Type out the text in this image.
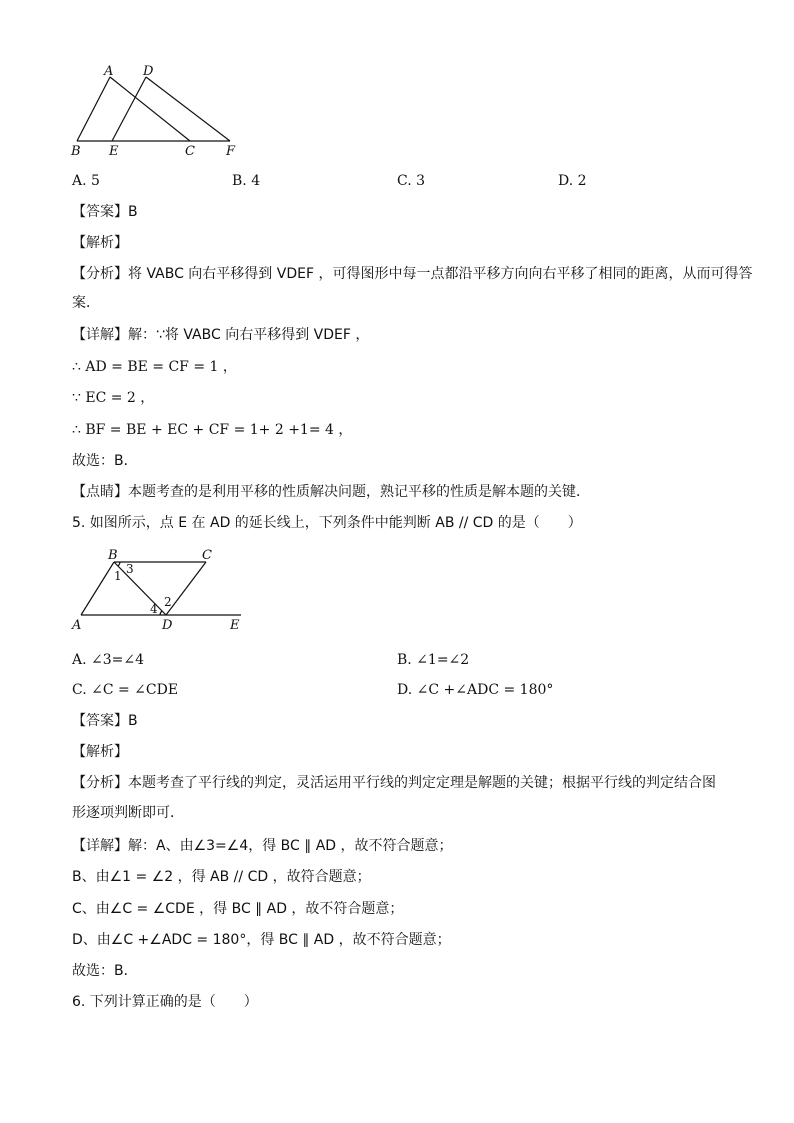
A D
B E	C F
A. 5	B. 4	C. 3	D. 2
【答案】B
【解析】
【分析】将 VABC 向右平移得到 VDEF ，可得图形中每一点都沿平移方向向右平移了相同的距离，从而可得答
案．
【详解】解：∵将 VABC 向右平移得到 VDEF ，
∴ AD = BE = CF = 1 ，
∵ EC = 2 ，
∴ BF = BE + EC + CF = 1+ 2 +1= 4 ，
故选：B．
【点睛】本题考查的是利用平移的性质解决问题，熟记平移的性质是解本题的关键．
5. 如图所示，点 E 在 AD 的延长线上，下列条件中能判断 AB // CD 的是（　　）
B	C
1 3
4 2
A	D	E
A. ∠3=∠4	B. ∠1=∠2
C. ∠C = ∠CDE	D. ∠C +∠ADC = 180°
【答案】B
【解析】
【分析】本题考查了平行线的判定，灵活运用平行线的判定定理是解题的关键；根据平行线的判定结合图
形逐项判断即可．
【详解】解：A、由∠3=∠4，得 BC ∥ AD ，故不符合题意；
B、由∠1 = ∠2 ，得 AB // CD ，故符合题意；
C、由∠C = ∠CDE ，得 BC ∥ AD ，故不符合题意；
D、由∠C +∠ADC = 180°，得 BC ∥ AD ，故不符合题意；
故选：B．
6. 下列计算正确的是（　　）
